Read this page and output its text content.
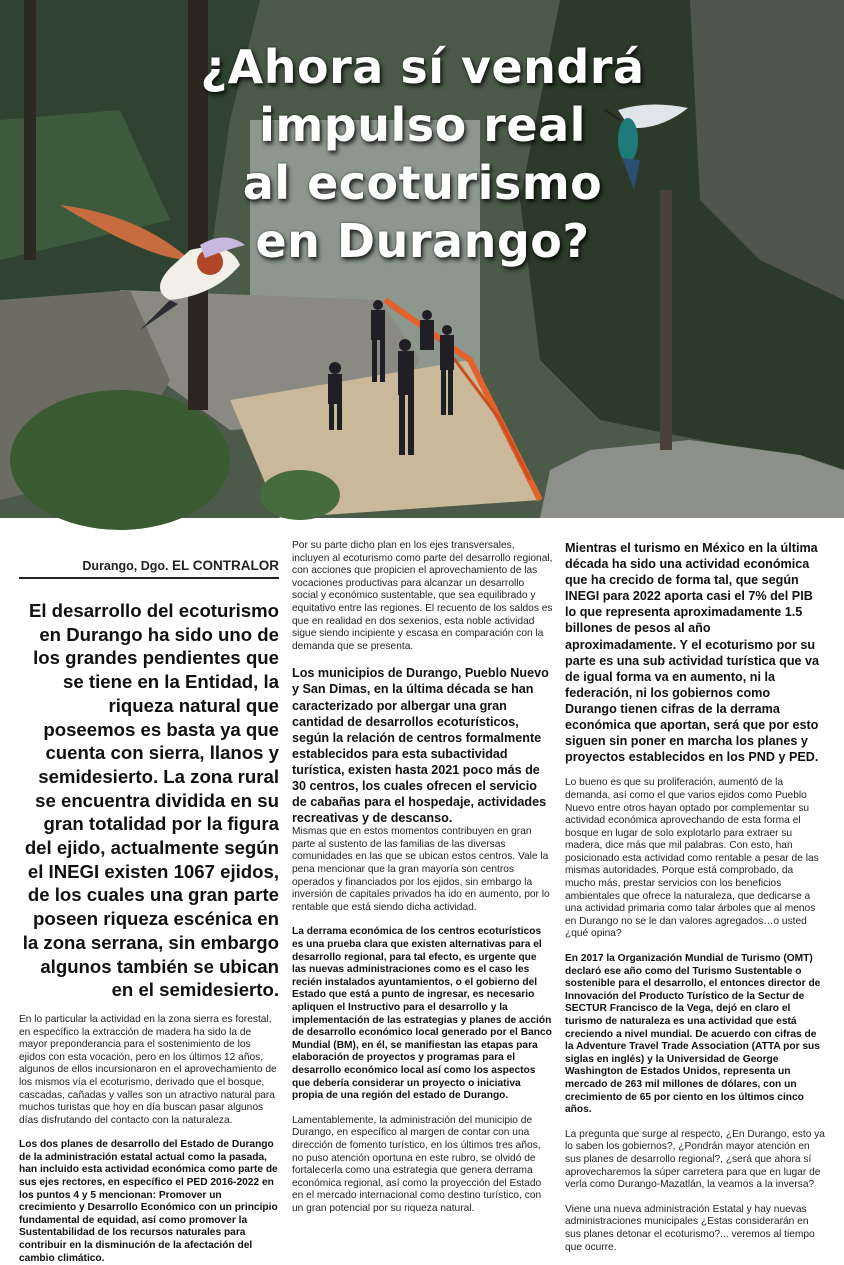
¿Ahora sí vendrá
impulso real
al ecoturismo
en Durango?
Durango, Dgo. EL CONTRALOR
El desarrollo del ecoturismo en Durango ha sido uno de los grandes pendientes que se tiene en la Entidad, la riqueza natural que poseemos es basta ya que cuenta con sierra, llanos y semidesierto. La zona rural se encuentra dividida en su gran totalidad por la figura del ejido, actualmente según el INEGI existen 1067 ejidos, de los cuales una gran parte poseen riqueza escénica en la zona serrana, sin embargo algunos también se ubican en el semidesierto.

En lo particular la actividad en la zona sierra es forestal, en específico la extracción de madera ha sido la de mayor preponderancia para el sostenimiento de los ejidos con esta vocación, pero en los últimos 12 años, algunos de ellos incursionaron en el aprovechamiento de los mismos vía el ecoturismo, derivado que el bosque, cascadas, cañadas y valles son un atractivo natural para muchos turistas que hoy en día buscan pasar algunos días disfrutando del contacto con la naturaleza.

Los dos planes de desarrollo del Estado de Durango de la administración estatal actual como la pasada, han incluido esta actividad económica como parte de sus ejes rectores, en específico el PED 2016-2022 en los puntos 4 y 5 mencionan: Promover un crecimiento y Desarrollo Económico con un principio fundamental de equidad, así como promover la Sustentabilidad de los recursos naturales para contribuir en la disminución de la afectación del cambio climático.

Por su parte dicho plan en los ejes transversales, incluyen al ecoturismo como parte del desarrollo regional, con acciones que propicien el aprovechamiento de las vocaciones productivas para alcanzar un desarrollo social y económico sustentable, que sea equilibrado y equitativo entre las regiones. El recuento de los saldos es que en realidad en dos sexenios, esta noble actividad sigue siendo incipiente y escasa en comparación con la demanda que se presenta.

Los municipios de Durango, Pueblo Nuevo y San Dimas, en la última década se han caracterizado por albergar una gran cantidad de desarrollos ecoturísticos, según la relación de centros formalmente establecidos para esta subactividad turística, existen hasta 2021 poco más de 30 centros, los cuales ofrecen el servicio de cabañas para el hospedaje, actividades recreativas y de descanso.

Mismas que en estos momentos contribuyen en gran parte al sustento de las familias de las diversas comunidades en las que se ubican estos centros. Vale la pena mencionar que la gran mayoría son centros operados y financiados por los ejidos, sin embargo la inversión de capitales privados ha ido en aumento, por lo rentable que está siendo dicha actividad.

La derrama económica de los centros ecoturísticos es una prueba clara que existen alternativas para el desarrollo regional, para tal efecto, es urgente que las nuevas administraciones como es el caso les recién instalados ayuntamientos, o el gobierno del Estado que está a punto de ingresar, es necesario apliquen el Instructivo para el desarrollo y la implementación de las estrategias y planes de acción de desarrollo económico local generado por el Banco Mundial (BM), en él, se manifiestan las etapas para elaboración de proyectos y programas para el desarrollo económico local así como los aspectos que debería considerar un proyecto o iniciativa propia de una región del estado de Durango.

Lamentablemente, la administración del municipio de Durango, en específico al margen de contar con una dirección de fomento turístico, en los últimos tres años, no puso atención oportuna en este rubro, se olvidó de fortalecerla como una estrategia que genera derrama económica regional, así como la proyección del Estado en el mercado internacional como destino turístico, con un gran potencial por su riqueza natural.

Mientras el turismo en México en la última década ha sido una actividad económica que ha crecido de forma tal, que según INEGI para 2022 aporta casi el 7% del PIB lo que representa aproximadamente 1.5 billones de pesos al año aproximadamente. Y el ecoturismo por su parte es una sub actividad turística que va de igual forma va en aumento, ni la federación, ni los gobiernos como Durango tienen cifras de la derrama económica que aportan, será que por esto siguen sin poner en marcha los planes y proyectos establecidos en los PND y PED.

Lo bueno es que su proliferación, aumentó de la demanda, así como el que varios ejidos como Pueblo Nuevo entre otros hayan optado por complementar su actividad económica aprovechando de esta forma el bosque en lugar de solo explotarlo para extraer su madera, dice más que mil palabras. Con esto, han posicionado esta actividad como rentable a pesar de las mismas autoridades. Porque está comprobado, da mucho más, prestar servicios con los beneficios ambientales que ofrece la naturaleza, que dedicarse a una actividad primaria como talar árboles que al menos en Durango no se le dan valores agregados…o usted ¿qué opina?

En 2017 la Organización Mundial de Turismo (OMT) declaró ese año como del Turismo Sustentable o sostenible para el desarrollo, el entonces director de Innovación del Producto Turístico de la Sectur de SECTUR Francisco de la Vega, dejó en claro el turismo de naturaleza es una actividad que está creciendo a nivel mundial. De acuerdo con cifras de la Adventure Travel Trade Association (ATTA por sus siglas en inglés) y la Universidad de George Washington de Estados Unidos, representa un mercado de 263 mil millones de dólares, con un crecimiento de 65 por ciento en los últimos cinco años.

La pregunta que surge al respecto, ¿En Durango, esto ya lo saben los gobiernos?, ¿Pondrán mayor atención en sus planes de desarrollo regional?, ¿será que ahora sí aprovecharemos la súper carretera para que en lugar de verla como Durango-Mazatlán, la veamos a la inversa?

Viene una nueva administración Estatal y hay nuevas administraciones municipales ¿Estas considerarán en sus planes detonar el ecoturismo?... veremos al tiempo que ocurre.
